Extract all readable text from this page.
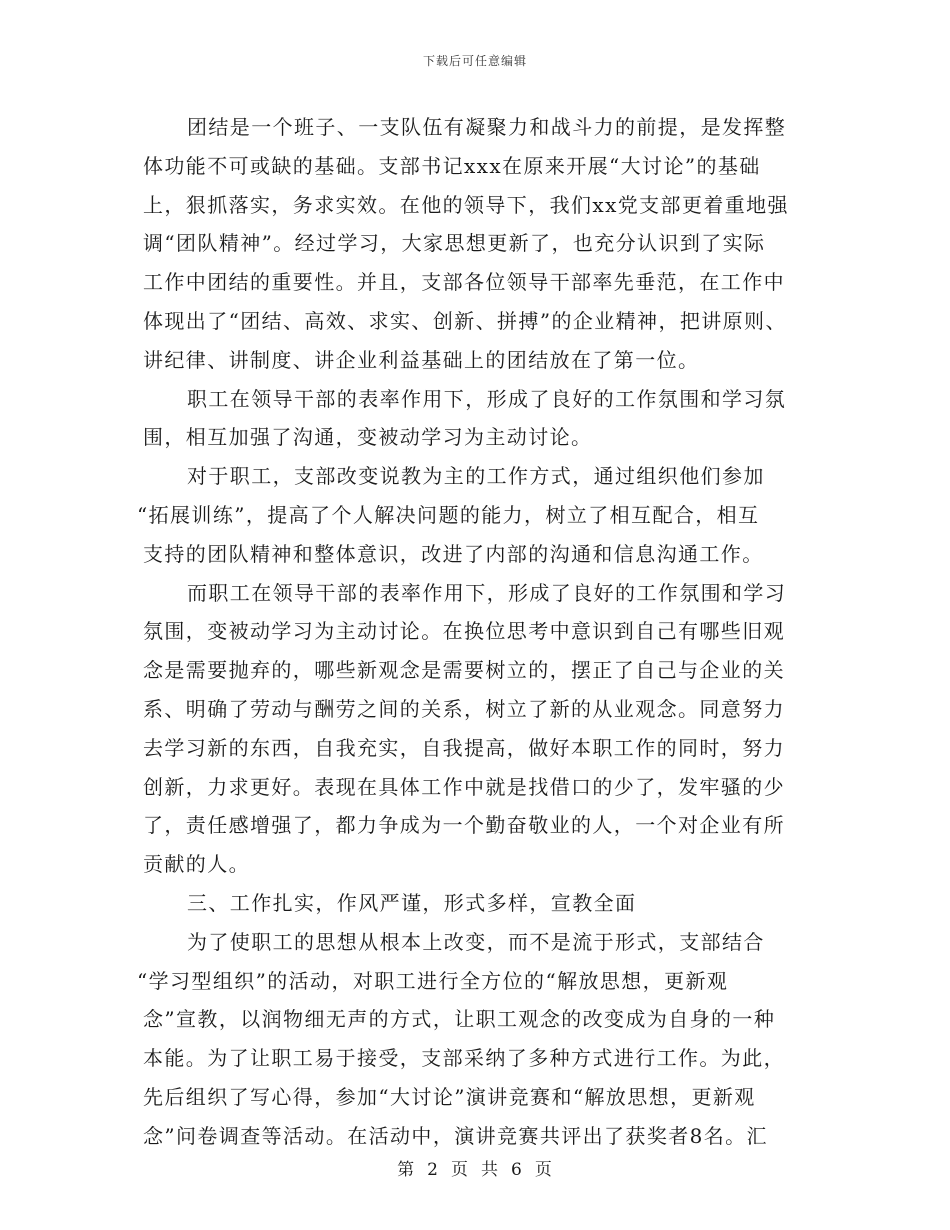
下载后可任意编辑
团结是一个班子、一支队伍有凝聚力和战斗力的前提，是发挥整
体功能不可或缺的基础。支部书记xxx在原来开展“大讨论”的基础
上，狠抓落实，务求实效。在他的领导下，我们xx党支部更着重地强
调“团队精神”。经过学习，大家思想更新了，也充分认识到了实际
工作中团结的重要性。并且，支部各位领导干部率先垂范，在工作中
体现出了“团结、高效、求实、创新、拼搏”的企业精神，把讲原则、
讲纪律、讲制度、讲企业利益基础上的团结放在了第一位。
职工在领导干部的表率作用下，形成了良好的工作氛围和学习氛
围，相互加强了沟通，变被动学习为主动讨论。
对于职工，支部改变说教为主的工作方式，通过组织他们参加
“拓展训练”，提高了个人解决问题的能力，树立了相互配合，相互
支持的团队精神和整体意识，改进了内部的沟通和信息沟通工作。
而职工在领导干部的表率作用下，形成了良好的工作氛围和学习
氛围，变被动学习为主动讨论。在换位思考中意识到自己有哪些旧观
念是需要抛弃的，哪些新观念是需要树立的，摆正了自己与企业的关
系、明确了劳动与酬劳之间的关系，树立了新的从业观念。同意努力
去学习新的东西，自我充实，自我提高，做好本职工作的同时，努力
创新，力求更好。表现在具体工作中就是找借口的少了，发牢骚的少
了，责任感增强了，都力争成为一个勤奋敬业的人，一个对企业有所
贡献的人。
三、工作扎实，作风严谨，形式多样，宣教全面
为了使职工的思想从根本上改变，而不是流于形式，支部结合
“学习型组织”的活动，对职工进行全方位的“解放思想，更新观
念”宣教，以润物细无声的方式，让职工观念的改变成为自身的一种
本能。为了让职工易于接受，支部采纳了多种方式进行工作。为此，
先后组织了写心得，参加“大讨论”演讲竞赛和“解放思想，更新观
念”问卷调查等活动。在活动中，演讲竞赛共评出了获奖者8名。汇
第 2 页 共 6 页
